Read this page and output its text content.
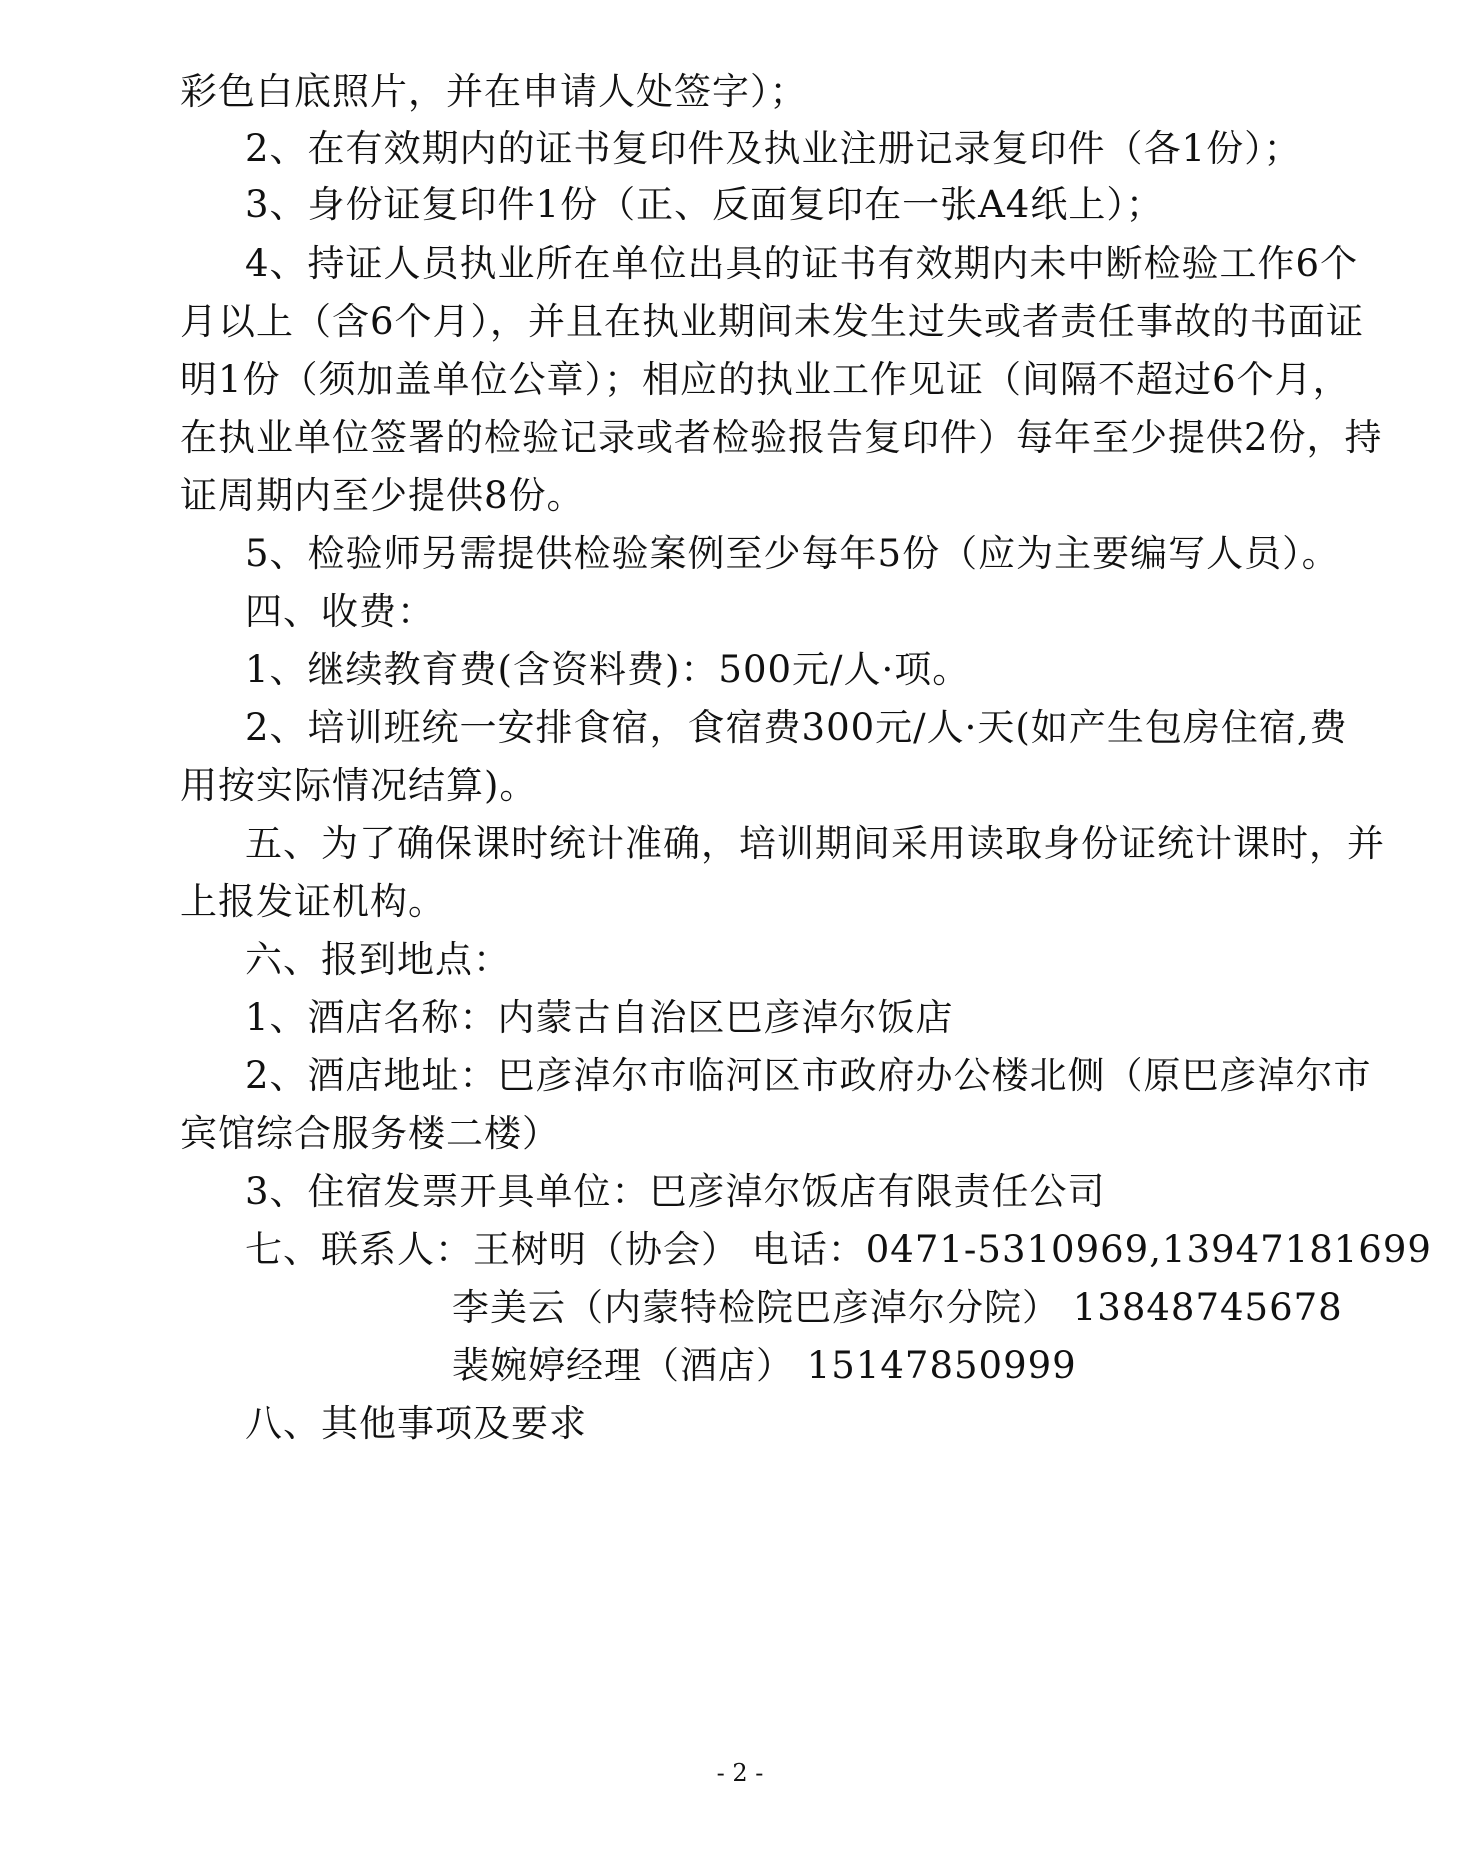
彩色白底照片，并在申请人处签字）；
2、在有效期内的证书复印件及执业注册记录复印件（各1份）；
3、身份证复印件1份（正、反面复印在一张A4纸上）；
4、持证人员执业所在单位出具的证书有效期内未中断检验工作6个
月以上（含6个月），并且在执业期间未发生过失或者责任事故的书面证
明1份（须加盖单位公章）；相应的执业工作见证（间隔不超过6个月，
在执业单位签署的检验记录或者检验报告复印件）每年至少提供2份，持
证周期内至少提供8份。
5、检验师另需提供检验案例至少每年5份（应为主要编写人员）。
四、收费：
1、继续教育费(含资料费)：500元/人·项。
2、培训班统一安排食宿，食宿费300元/人·天(如产生包房住宿,费
用按实际情况结算)。
五、为了确保课时统计准确，培训期间采用读取身份证统计课时，并
上报发证机构。
六、报到地点：
1、酒店名称：内蒙古自治区巴彦淖尔饭店
2、酒店地址：巴彦淖尔市临河区市政府办公楼北侧（原巴彦淖尔市
宾馆综合服务楼二楼）
3、住宿发票开具单位：巴彦淖尔饭店有限责任公司
七、联系人：王树明（协会） 电话：0471-5310969,13947181699
李美云（内蒙特检院巴彦淖尔分院） 13848745678
裴婉婷经理（酒店） 15147850999
八、其他事项及要求
- 2 -
